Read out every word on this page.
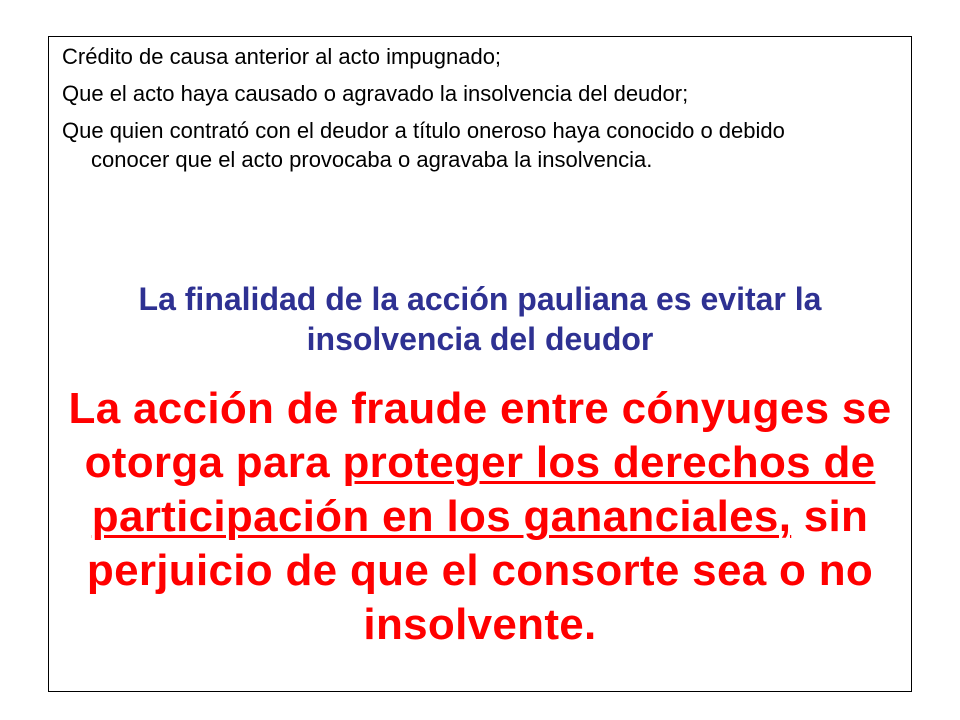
Crédito de causa anterior al acto impugnado;
Que el acto haya causado o agravado la insolvencia del deudor;
Que quien contrató con el deudor a título oneroso haya conocido o debido conocer que el acto provocaba o agravaba la insolvencia.

La finalidad de la acción pauliana es evitar la insolvencia del deudor

La acción de fraude entre cónyuges se otorga para proteger los derechos de participación en los gananciales, sin perjuicio de que el consorte sea o no insolvente.
